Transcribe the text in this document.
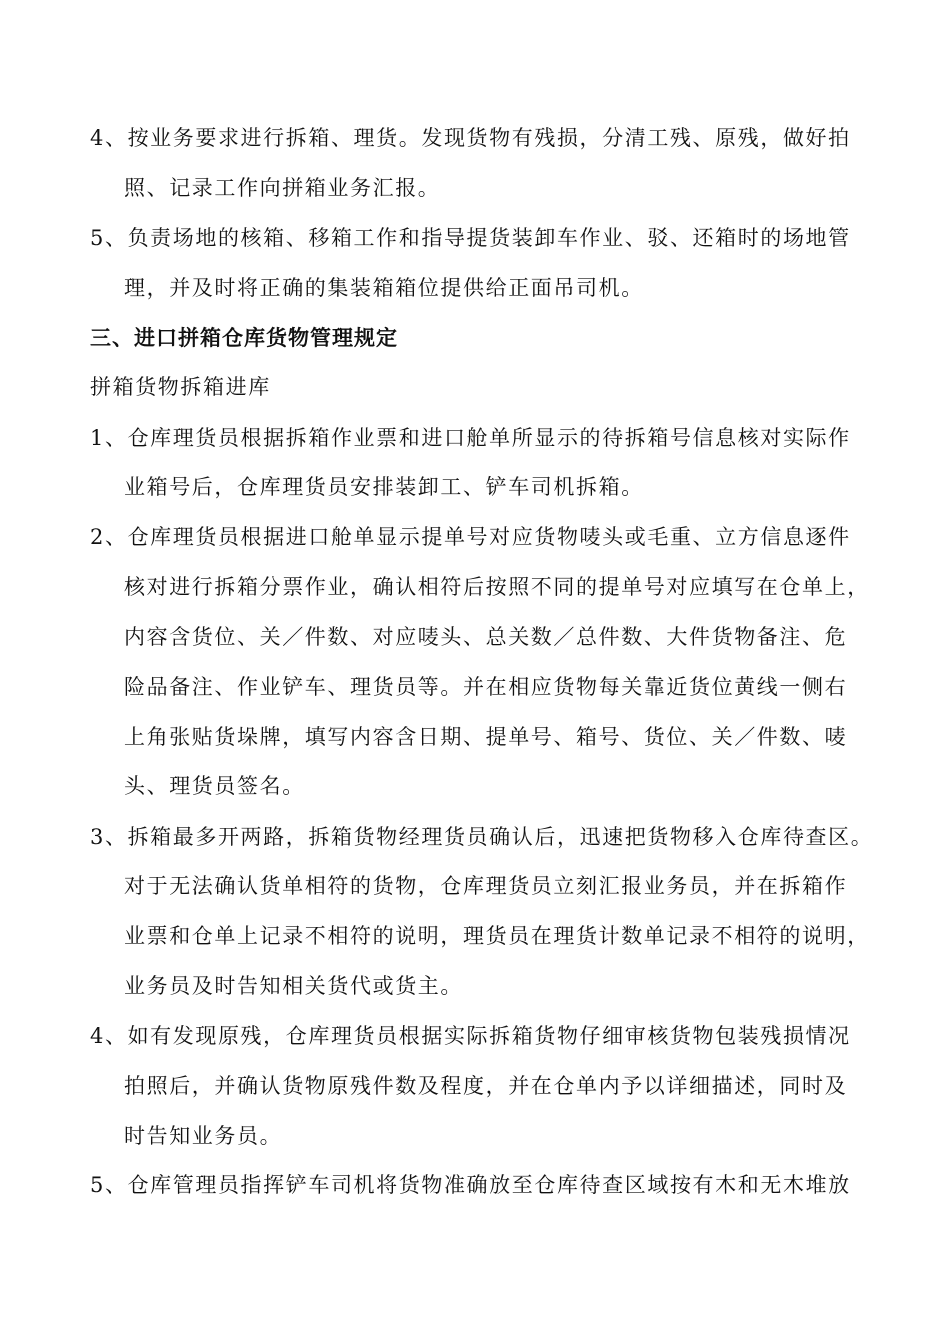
4、按业务要求进行拆箱、理货。发现货物有残损，分清工残、原残，做好拍
照、记录工作向拼箱业务汇报。
5、负责场地的核箱、移箱工作和指导提货装卸车作业、驳、还箱时的场地管
理，并及时将正确的集装箱箱位提供给正面吊司机。
三、进口拼箱仓库货物管理规定
拼箱货物拆箱进库
1、仓库理货员根据拆箱作业票和进口舱单所显示的待拆箱号信息核对实际作
业箱号后，仓库理货员安排装卸工、铲车司机拆箱。
2、仓库理货员根据进口舱单显示提单号对应货物唛头或毛重、立方信息逐件
核对进行拆箱分票作业，确认相符后按照不同的提单号对应填写在仓单上，
内容含货位、关／件数、对应唛头、总关数／总件数、大件货物备注、危
险品备注、作业铲车、理货员等。并在相应货物每关靠近货位黄线一侧右
上角张贴货垛牌，填写内容含日期、提单号、箱号、货位、关／件数、唛
头、理货员签名。
3、拆箱最多开两路，拆箱货物经理货员确认后，迅速把货物移入仓库待查区。
对于无法确认货单相符的货物，仓库理货员立刻汇报业务员，并在拆箱作
业票和仓单上记录不相符的说明，理货员在理货计数单记录不相符的说明，
业务员及时告知相关货代或货主。
4、如有发现原残，仓库理货员根据实际拆箱货物仔细审核货物包装残损情况
拍照后，并确认货物原残件数及程度，并在仓单内予以详细描述，同时及
时告知业务员。
5、仓库管理员指挥铲车司机将货物准确放至仓库待查区域按有木和无木堆放
